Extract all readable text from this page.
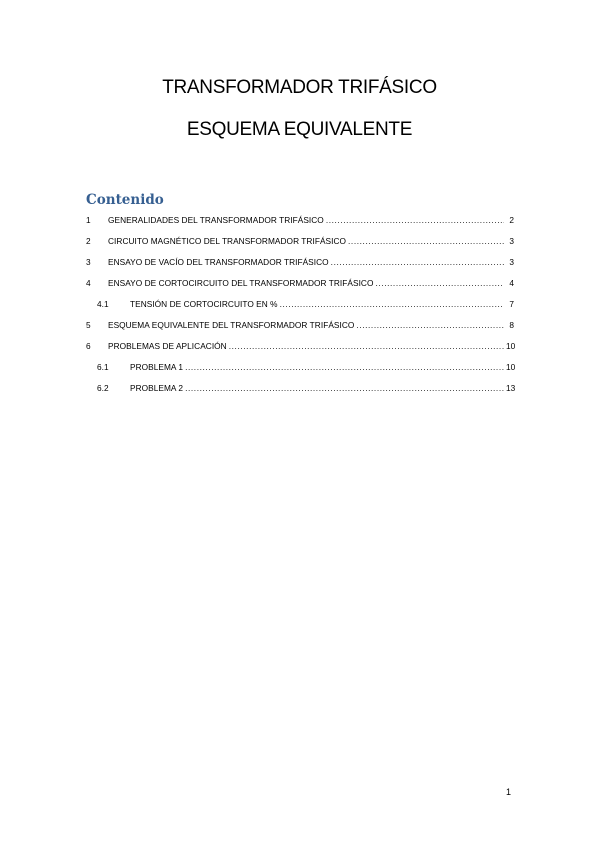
TRANSFORMADOR TRIFÁSICO
ESQUEMA EQUIVALENTE
Contenido
1	GENERALIDADES DEL TRANSFORMADOR TRIFÁSICO .....	2
2	CIRCUITO MAGNÉTICO DEL TRANSFORMADOR TRIFÁSICO .....	3
3	ENSAYO DE VACÍO DEL TRANSFORMADOR TRIFÁSICO .....	3
4	ENSAYO DE CORTOCIRCUITO DEL TRANSFORMADOR TRIFÁSICO .....	4
4.1	TENSIÓN DE CORTOCIRCUITO EN % .....	7
5	ESQUEMA EQUIVALENTE DEL TRANSFORMADOR TRIFÁSICO .....	8
6	PROBLEMAS DE APLICACIÓN .....	10
6.1	PROBLEMA 1 .....	10
6.2	PROBLEMA 2 .....	13
1
